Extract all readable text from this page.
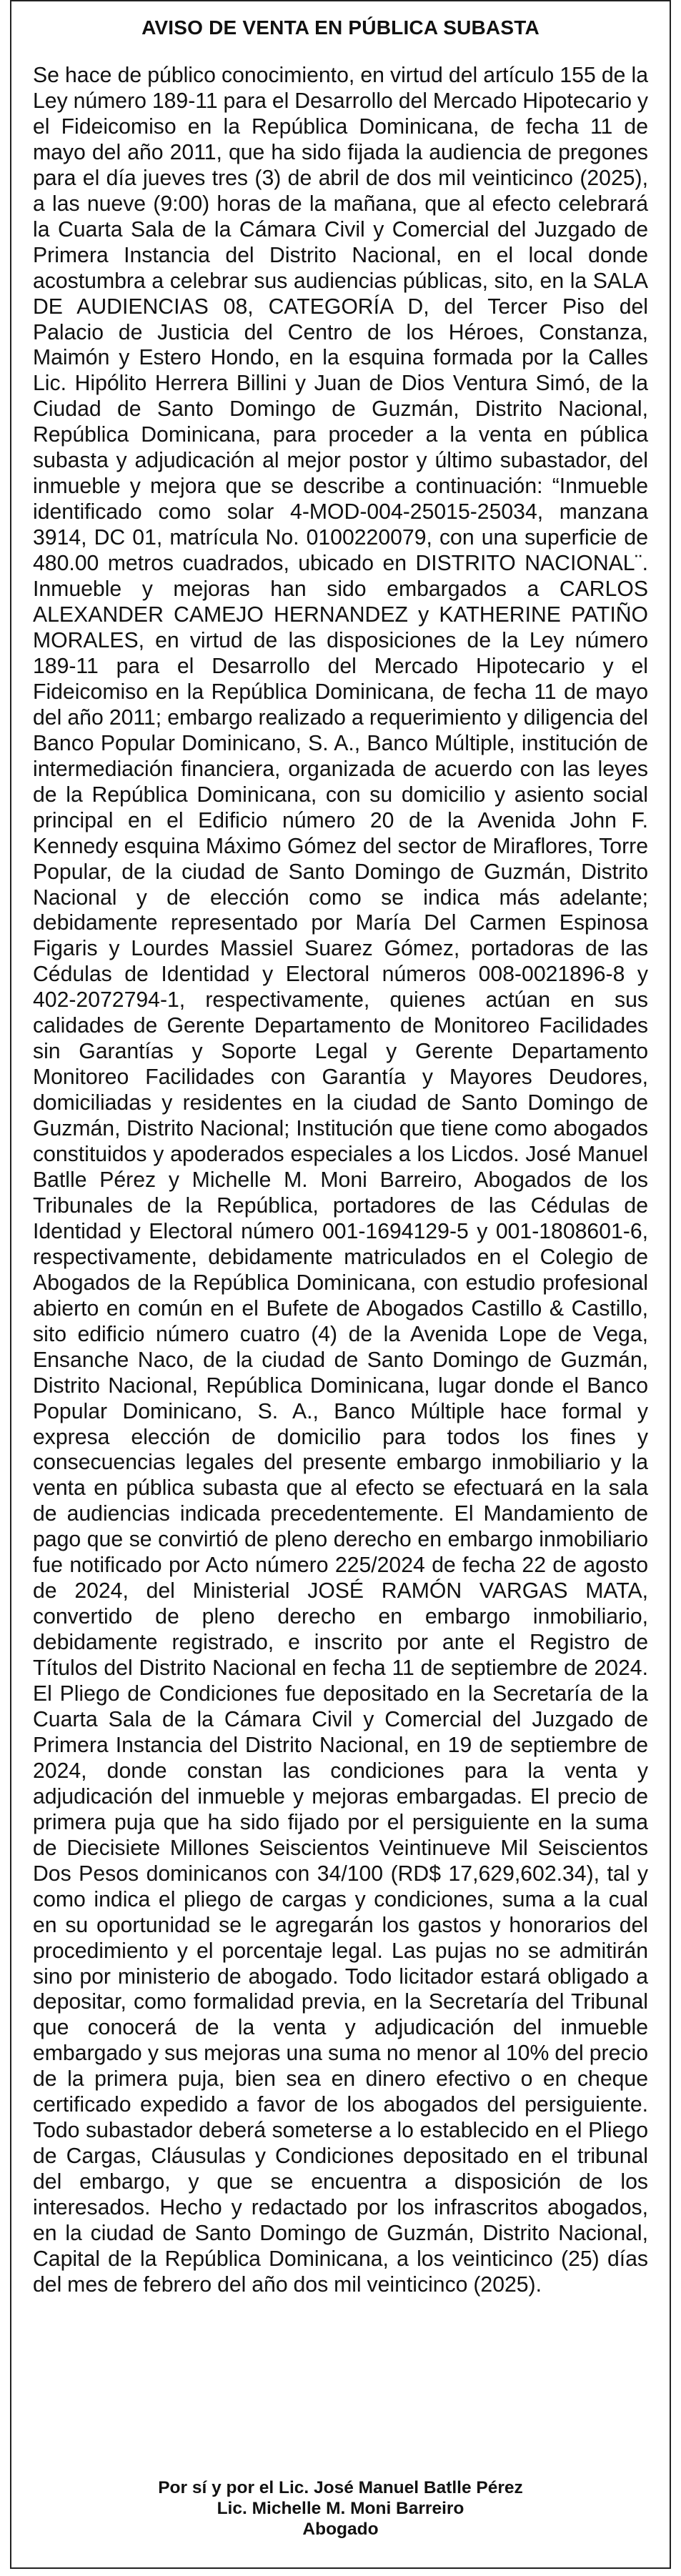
AVISO DE VENTA EN PÚBLICA SUBASTA

Se hace de público conocimiento, en virtud del artículo 155 de la Ley número 189-11 para el Desarrollo del Mercado Hipotecario y el Fideicomiso en la República Dominicana, de fecha 11 de mayo del año 2011, que ha sido fijada la audiencia de pregones para el día jueves tres (3) de abril de dos mil veinticinco (2025), a las nueve (9:00) horas de la mañana, que al efecto celebrará la Cuarta Sala de la Cámara Civil y Comercial del Juzgado de Primera Instancia del Distrito Nacional, en el local donde acostumbra a celebrar sus audiencias públicas, sito, en la SALA DE AUDIENCIAS 08, CATEGORÍA D, del Tercer Piso del Palacio de Justicia del Centro de los Héroes, Constanza, Maimón y Estero Hondo, en la esquina formada por la Calles Lic. Hipólito Herrera Billini y Juan de Dios Ventura Simó, de la Ciudad de Santo Domingo de Guzmán, Distrito Nacional, República Dominicana, para proceder a la venta en pública subasta y adjudicación al mejor postor y último subastador, del inmueble y mejora que se describe a continuación: “Inmueble identificado como solar 4-MOD-004-25015-25034, manzana 3914, DC 01, matrícula No. 0100220079, con una superficie de 480.00 metros cuadrados, ubicado en DISTRITO NACIONAL¨. Inmueble y mejoras han sido embargados a CARLOS ALEXANDER CAMEJO HERNANDEZ y KATHERINE PATIÑO MORALES, en virtud de las disposiciones de la Ley número 189-11 para el Desarrollo del Mercado Hipotecario y el Fideicomiso en la República Dominicana, de fecha 11 de mayo del año 2011; embargo realizado a requerimiento y diligencia del Banco Popular Dominicano, S. A., Banco Múltiple, institución de intermediación financiera, organizada de acuerdo con las leyes de la República Dominicana, con su domicilio y asiento social principal en el Edificio número 20 de la Avenida John F. Kennedy esquina Máximo Gómez del sector de Miraflores, Torre Popular, de la ciudad de Santo Domingo de Guzmán, Distrito Nacional y de elección como se indica más adelante; debidamente representado por María Del Carmen Espinosa Figaris y Lourdes Massiel Suarez Gómez, portadoras de las Cédulas de Identidad y Electoral números 008-0021896-8 y 402-2072794-1, respectivamente, quienes actúan en sus calidades de Gerente Departamento de Monitoreo Facilidades sin Garantías y Soporte Legal y Gerente Departamento Monitoreo Facilidades con Garantía y Mayores Deudores, domiciliadas y residentes en la ciudad de Santo Domingo de Guzmán, Distrito Nacional; Institución que tiene como abogados constituidos y apoderados especiales a los Licdos. José Manuel Batlle Pérez y Michelle M. Moni Barreiro, Abogados de los Tribunales de la República, portadores de las Cédulas de Identidad y Electoral número 001-1694129-5 y 001-1808601-6, respectivamente, debidamente matriculados en el Colegio de Abogados de la República Dominicana, con estudio profesional abierto en común en el Bufete de Abogados Castillo & Castillo, sito edificio número cuatro (4) de la Avenida Lope de Vega, Ensanche Naco, de la ciudad de Santo Domingo de Guzmán, Distrito Nacional, República Dominicana, lugar donde el Banco Popular Dominicano, S. A., Banco Múltiple hace formal y expresa elección de domicilio para todos los fines y consecuencias legales del presente embargo inmobiliario y la venta en pública subasta que al efecto se efectuará en la sala de audiencias indicada precedentemente. El Mandamiento de pago que se convirtió de pleno derecho en embargo inmobiliario fue notificado por Acto número 225/2024 de fecha 22 de agosto de 2024, del Ministerial JOSÉ RAMÓN VARGAS MATA, convertido de pleno derecho en embargo inmobiliario, debidamente registrado, e inscrito por ante el Registro de Títulos del Distrito Nacional en fecha 11 de septiembre de 2024. El Pliego de Condiciones fue depositado en la Secretaría de la Cuarta Sala de la Cámara Civil y Comercial del Juzgado de Primera Instancia del Distrito Nacional, en 19 de septiembre de 2024, donde constan las condiciones para la venta y adjudicación del inmueble y mejoras embargadas. El precio de primera puja que ha sido fijado por el persiguiente en la suma de Diecisiete Millones Seiscientos Veintinueve Mil Seiscientos Dos Pesos dominicanos con 34/100 (RD$ 17,629,602.34), tal y como indica el pliego de cargas y condiciones, suma a la cual en su oportunidad se le agregarán los gastos y honorarios del procedimiento y el porcentaje legal. Las pujas no se admitirán sino por ministerio de abogado. Todo licitador estará obligado a depositar, como formalidad previa, en la Secretaría del Tribunal que conocerá de la venta y adjudicación del inmueble embargado y sus mejoras una suma no menor al 10% del precio de la primera puja, bien sea en dinero efectivo o en cheque certificado expedido a favor de los abogados del persiguiente. Todo subastador deberá someterse a lo establecido en el Pliego de Cargas, Cláusulas y Condiciones depositado en el tribunal del embargo, y que se encuentra a disposición de los interesados. Hecho y redactado por los infrascritos abogados, en la ciudad de Santo Domingo de Guzmán, Distrito Nacional, Capital de la República Dominicana, a los veinticinco (25) días del mes de febrero del año dos mil veinticinco (2025).

Por sí y por el Lic. José Manuel Batlle Pérez
Lic. Michelle M. Moni Barreiro
Abogado
